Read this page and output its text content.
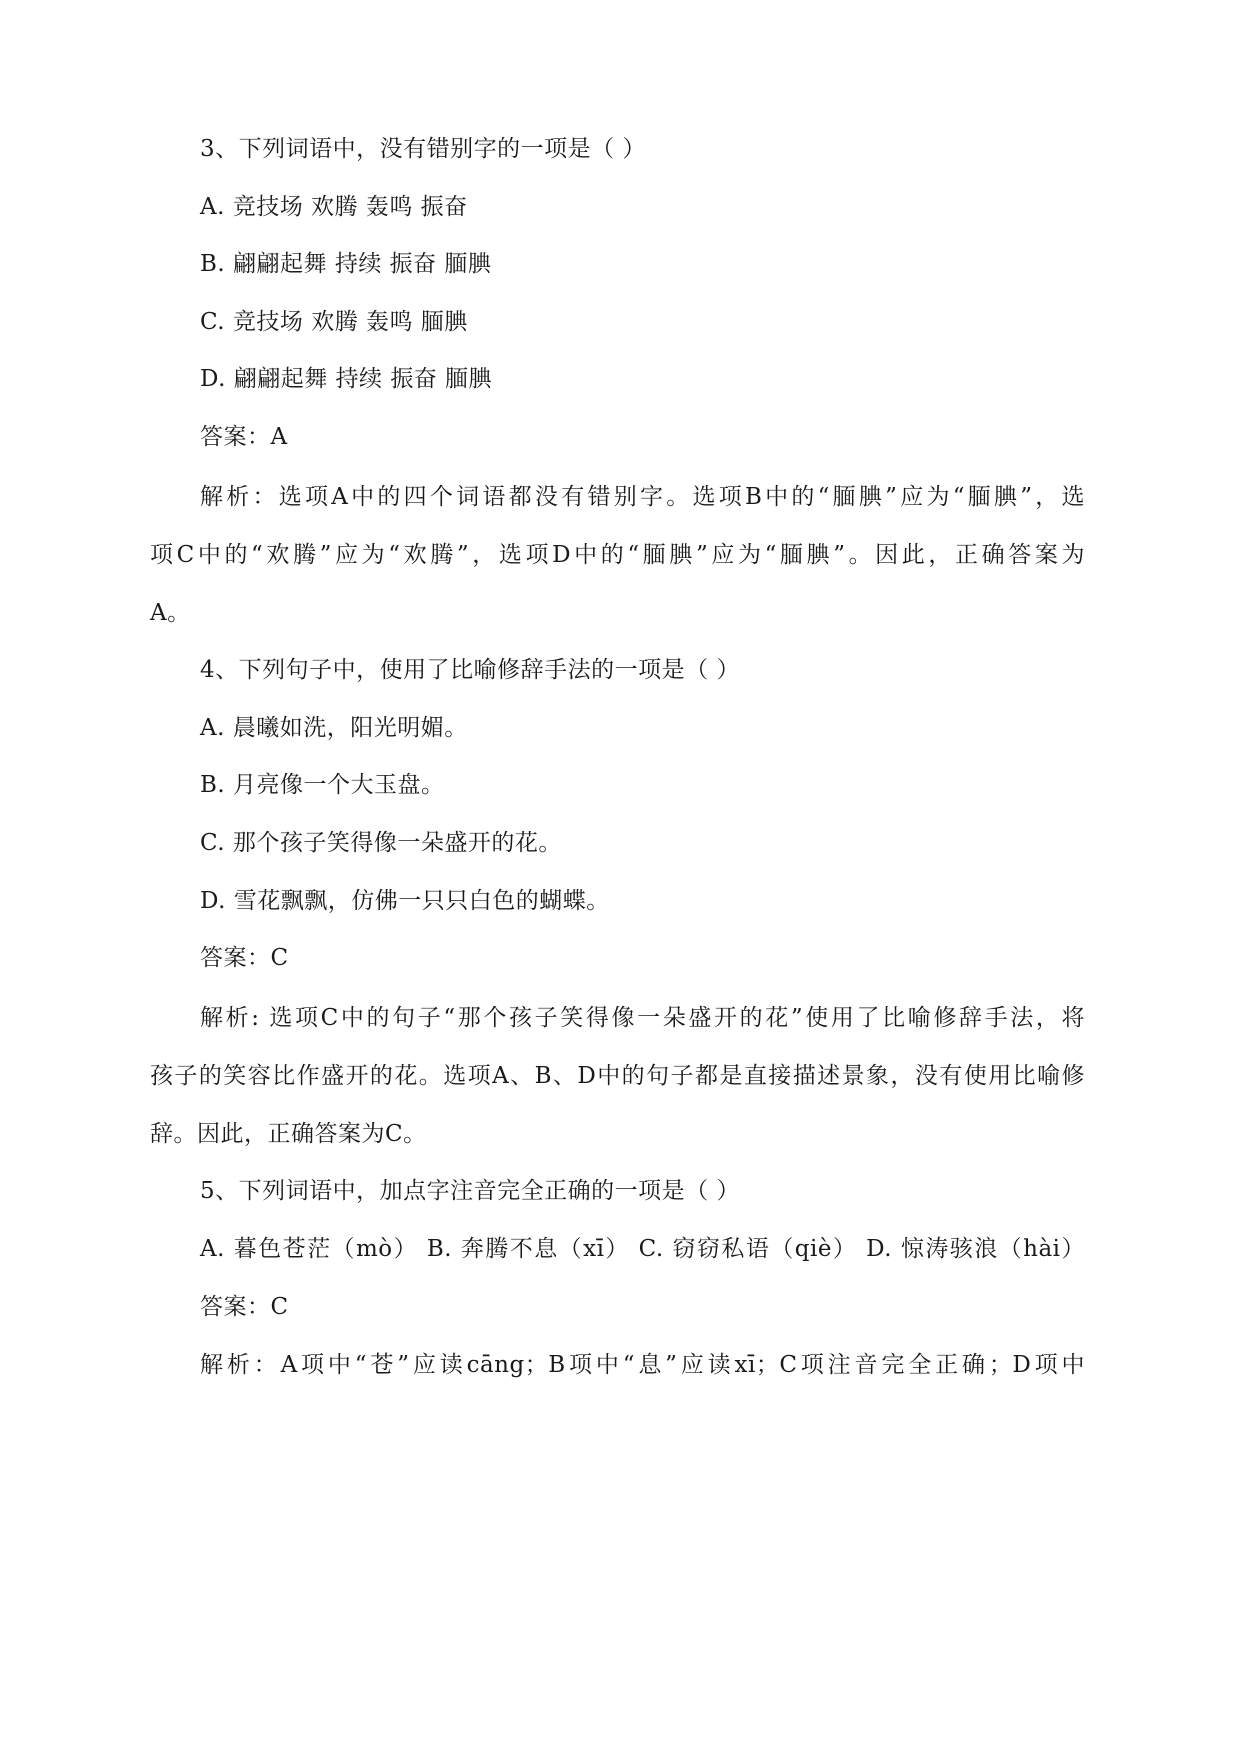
3、下列词语中，没有错别字的一项是（ ）
A. 竞技场 欢腾 轰鸣 振奋
B. 翩翩起舞 持续 振奋 腼腆
C. 竞技场 欢腾 轰鸣 腼腆
D. 翩翩起舞 持续 振奋 腼腆
答案：A
解析：选项A中的四个词语都没有错别字。选项B中的“腼腆”应为“腼腆”，选
项C中的“欢腾”应为“欢腾”，选项D中的“腼腆”应为“腼腆”。因此，正确答案为
A。
4、下列句子中，使用了比喻修辞手法的一项是（ ）
A. 晨曦如洗，阳光明媚。
B. 月亮像一个大玉盘。
C. 那个孩子笑得像一朵盛开的花。
D. 雪花飘飘，仿佛一只只白色的蝴蝶。
答案：C
解析: 选项C中的句子“那个孩子笑得像一朵盛开的花”使用了比喻修辞手法，将
孩子的笑容比作盛开的花。选项A、B、D中的句子都是直接描述景象，没有使用比喻修
辞。因此，正确答案为C。
5、下列词语中，加点字注音完全正确的一项是（ ）
A. 暮色苍茫（mò） B. 奔腾不息（xī） C. 窃窃私语（qiè） D. 惊涛骇浪（hài）
答案：C
解析：A项中“苍”应读cāng；B项中“息”应读xī；C项注音完全正确；D项中
